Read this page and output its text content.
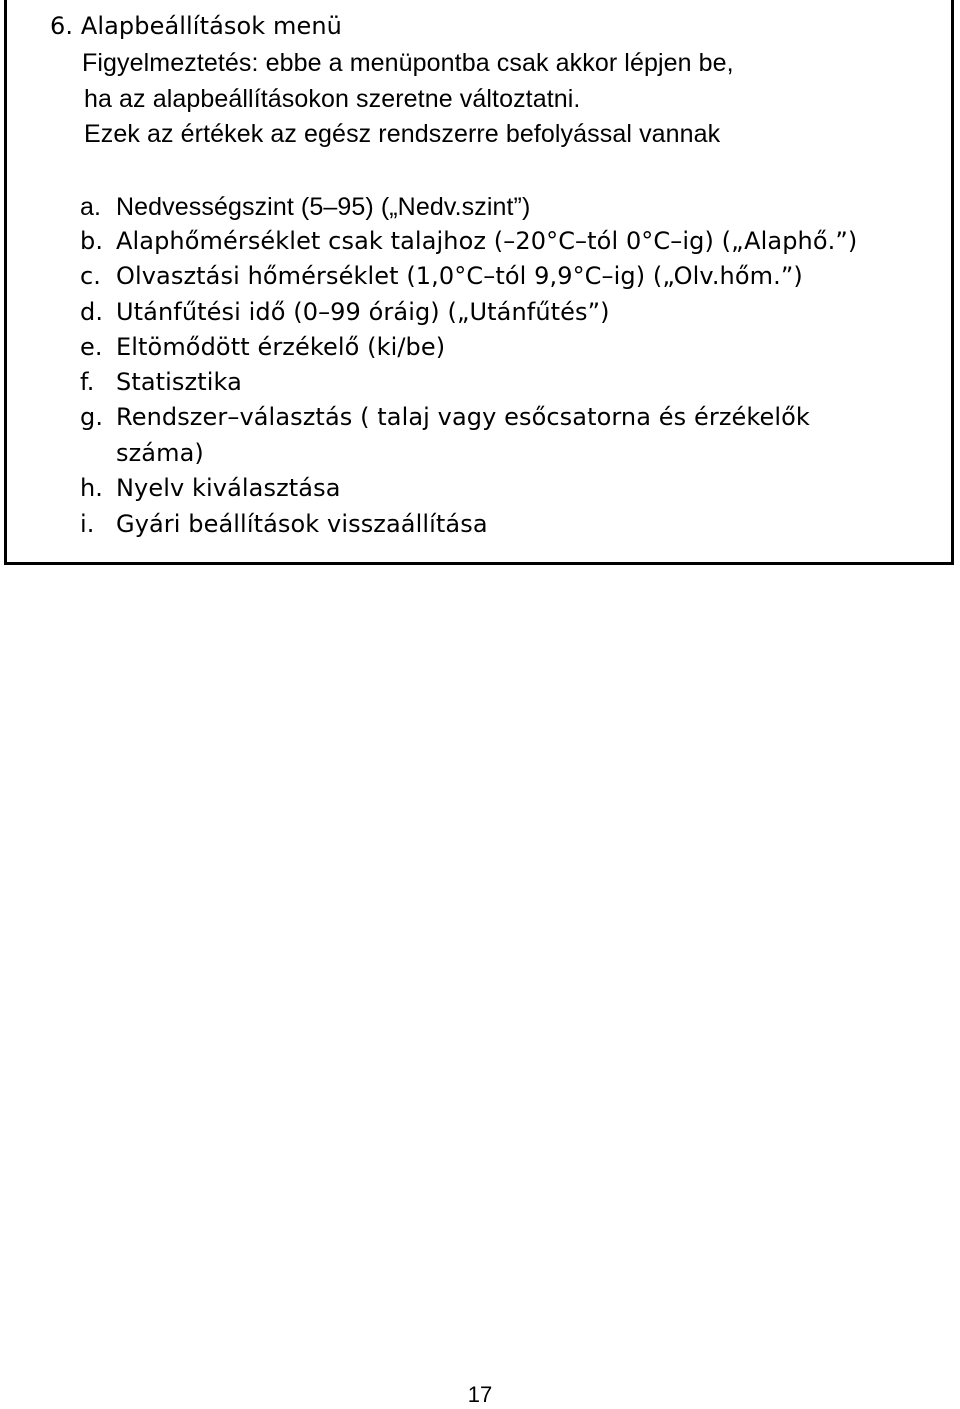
6. Alapbeállítások menü
Figyelmeztetés: ebbe a menüpontba csak akkor lépjen be,
ha az alapbeállításokon szeretne változtatni.
Ezek az értékek az egész rendszerre befolyással vannak
a. Nedvességszint (5–95) („Nedv.szint”)
b. Alaphőmérséklet csak talajhoz (–20°C–tól 0°C–ig) („Alaphő.”)
c. Olvasztási hőmérséklet (1,0°C–tól 9,9°C–ig) („Olv.hőm.”)
d. Utánfűtési idő (0–99 óráig) („Utánfűtés”)
e. Eltömődött érzékelő (ki/be)
f. Statisztika
g. Rendszer–választás ( talaj vagy esőcsatorna és érzékelők
száma)
h. Nyelv kiválasztása
i. Gyári beállítások visszaállítása
17
